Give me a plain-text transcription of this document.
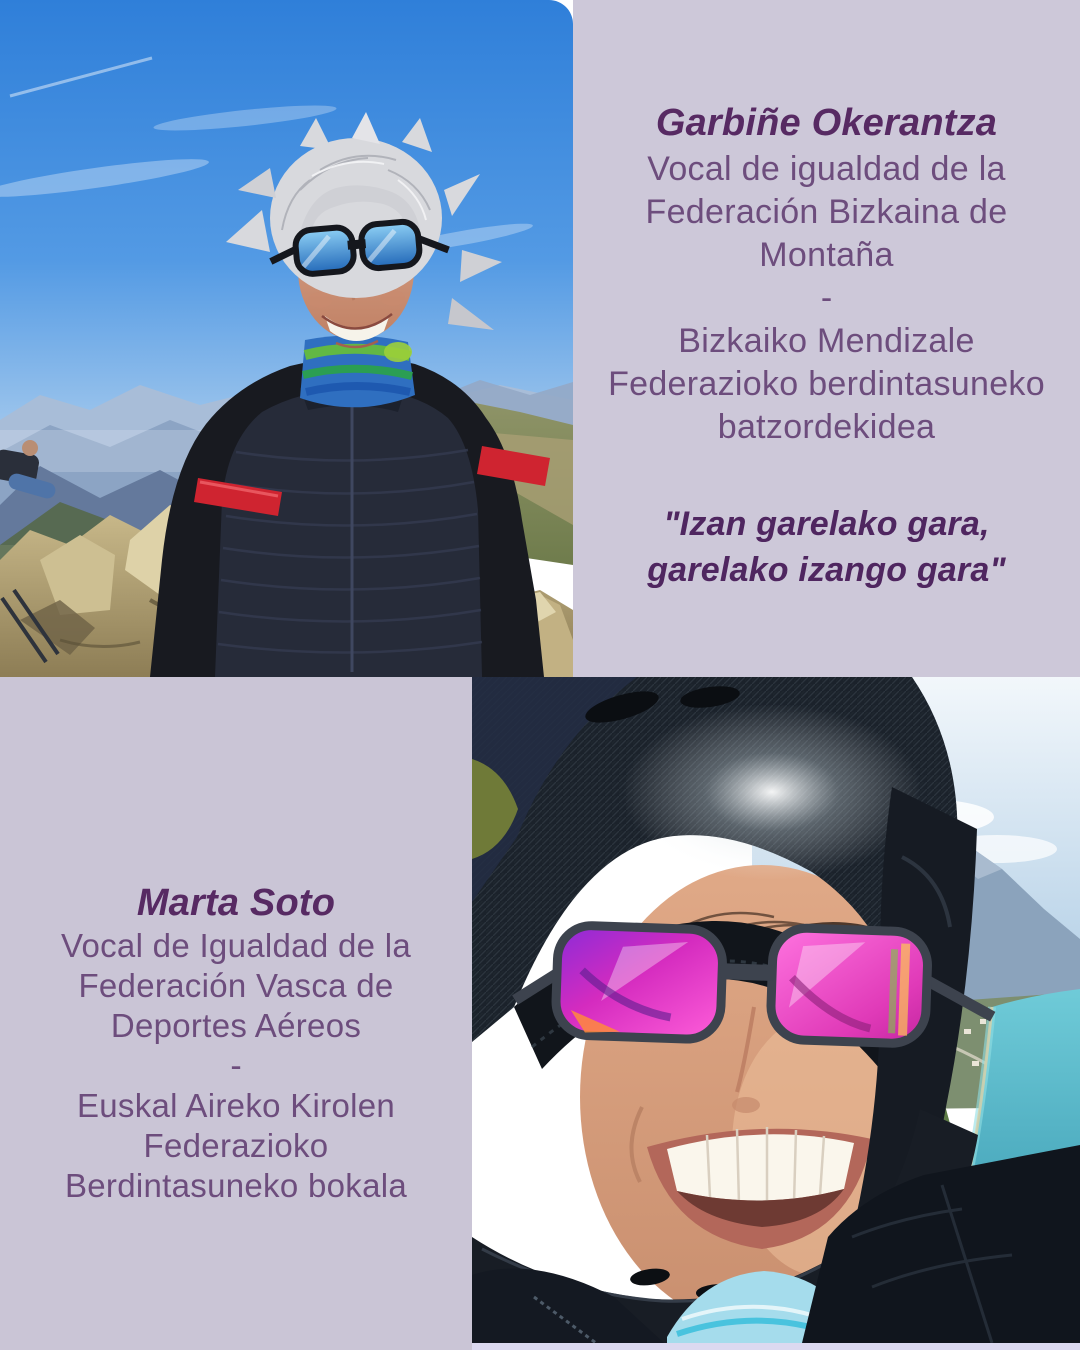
Garbiñe Okerantza
Vocal de igualdad de la
Federación Bizkaina de
Montaña
-
Bizkaiko Mendizale
Federazioko berdintasuneko
batzordekidea
"Izan garelako gara,
garelako izango gara"
Marta Soto
Vocal de Igualdad de la
Federación Vasca de
Deportes Aéreos
-
Euskal Aireko Kirolen
Federazioko
Berdintasuneko bokala
